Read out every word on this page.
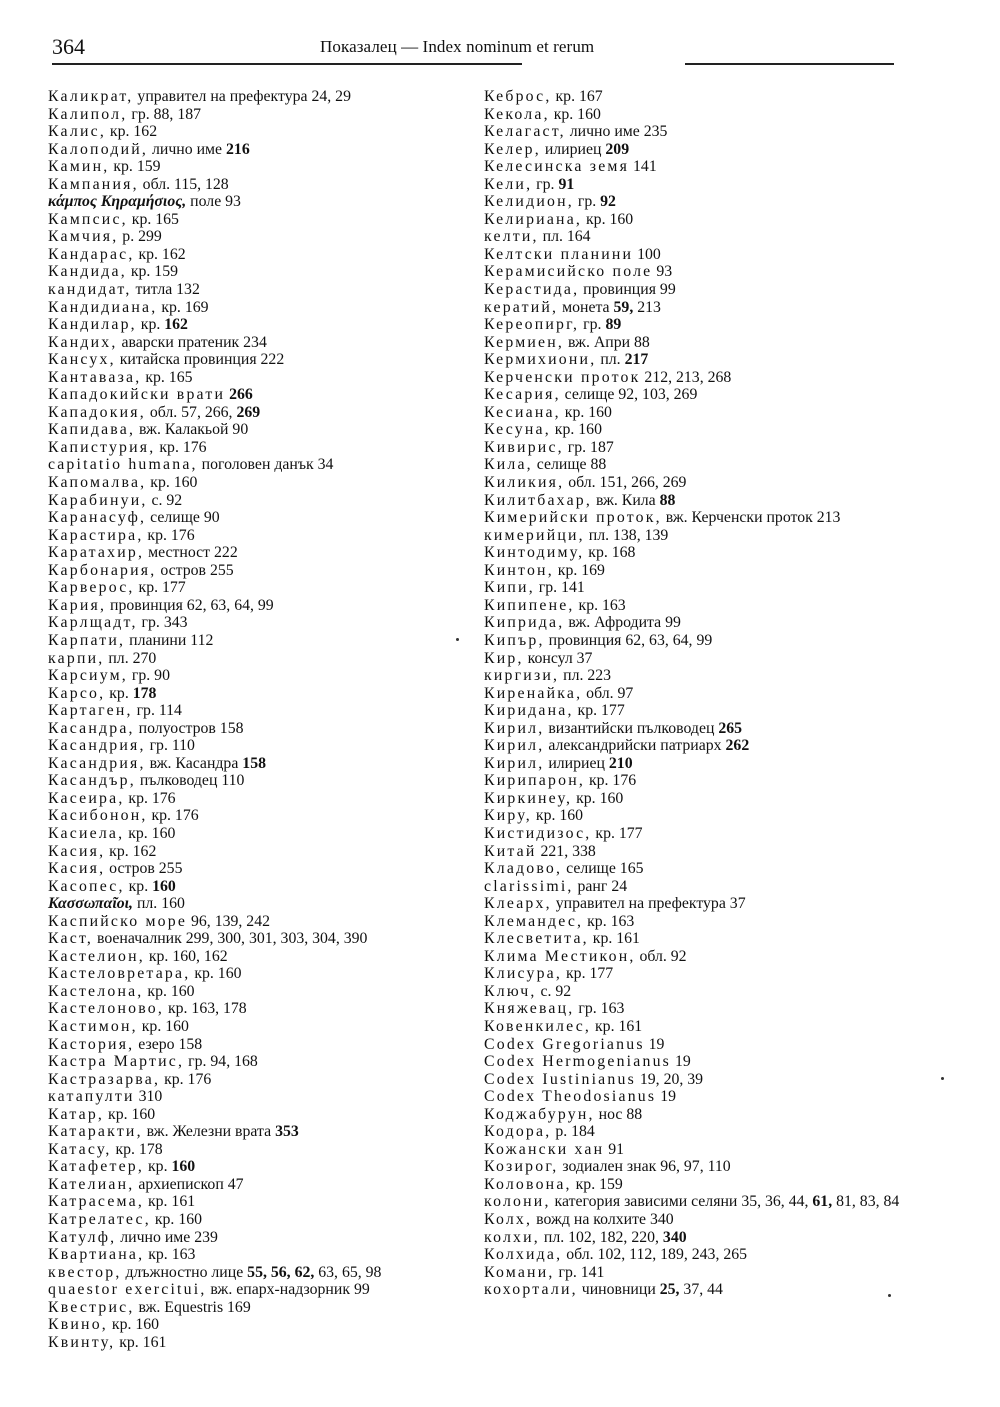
364	Показалец — Index nominum et rerum
Каликрат, управител на префектура 24, 29
Калипол, гр. 88, 187
Калис, кр. 162
Калоподий, лично име 216
Камин, кр. 159
Кампания, обл. 115, 128
κάμπος Κηραμήσιος, поле 93
Кампсис, кр. 165
Камчия, р. 299
Кандарас, кр. 162
Кандида, кр. 159
кандидат, титла 132
Кандидиана, кр. 169
Кандилар, кр. 162
Кандих, аварски пратеник 234
Кансух, китайска провинция 222
Кантаваза, кр. 165
Кападокийски врати 266
Кападокия, обл. 57, 266, 269
Капидава, вж. Калакьой 90
Капистурия, кр. 176
capitatio humana, поголовен данък 34
Капомалва, кр. 160
Карабинуи, с. 92
Каранасуф, селище 90
Карастира, кр. 176
Каратахир, местност 222
Карбонария, остров 255
Карверос, кр. 177
Кария, провинция 62, 63, 64, 99
Карлщадт, гр. 343
Карпати, планини 112
карпи, пл. 270
Карсиум, гр. 90
Карсо, кр. 178
Картаген, гр. 114
Касандра, полуостров 158
Касандрия, гр. 110
Касандрия, вж. Касандра 158
Касандър, пълководец 110
Касеира, кр. 176
Касибонон, кр. 176
Касиела, кр. 160
Касия, кр. 162
Касия, остров 255
Касопес, кр. 160
Κασσωπαῖοι, пл. 160
Каспийско море 96, 139, 242
Каст, военачалник 299, 300, 301, 303, 304, 390
Кастелион, кр. 160, 162
Кастеловретара, кр. 160
Кастелона, кр. 160
Кастелоново, кр. 163, 178
Кастимон, кр. 160
Кастория, езеро 158
Кастра Мартис, гр. 94, 168
Кастразарва, кр. 176
катапулти 310
Катар, кр. 160
Катаракти, вж. Железни врата 353
Катасу, кр. 178
Катафетер, кр. 160
Кателиан, архиепископ 47
Катрасема, кр. 161
Катрелатес, кр. 160
Катулф, лично име 239
Квартиана, кр. 163
квестор, длъжностно лице 55, 56, 62, 63, 65, 98
quaestor exercitui, вж. епарх-надзорник 99
Квестрис, вж. Equestris 169
Квино, кр. 160
Квинту, кр. 161
Кеброс, кр. 167
Кекола, кр. 160
Келагаст, лично име 235
Келер, илириец 209
Келесинска земя 141
Кели, гр. 91
Келидион, гр. 92
Келириана, кр. 160
келти, пл. 164
Келтски планини 100
Керамисийско поле 93
Керастида, провинция 99
кератий, монета 59, 213
Кереопирг, гр. 89
Кермиен, вж. Апри 88
Кермихиони, пл. 217
Керченски проток 212, 213, 268
Кесария, селище 92, 103, 269
Кесиана, кр. 160
Кесуна, кр. 160
Кивирис, гр. 187
Кила, селище 88
Киликия, обл. 151, 266, 269
Килитбахар, вж. Кила 88
Кимерийски проток, вж. Керченски проток 213
кимерийци, пл. 138, 139
Кинтодиму, кр. 168
Кинтон, кр. 169
Кипи, гр. 141
Кипипене, кр. 163
Киприда, вж. Афродита 99
Кипър, провинция 62, 63, 64, 99
Кир, консул 37
киргизи, пл. 223
Киренайка, обл. 97
Киридана, кр. 177
Кирил, византийски пълководец 265
Кирил, александрийски патриарх 262
Кирил, илириец 210
Кирипарон, кр. 176
Киркинеу, кр. 160
Киру, кр. 160
Кистидизос, кр. 177
Китай 221, 338
Кладово, селище 165
clarissimi, ранг 24
Клеарх, управител на префектура 37
Клемандес, кр. 163
Клесветита, кр. 161
Клима Местикон, обл. 92
Клисура, кр. 177
Ключ, с. 92
Княжевац, гр. 163
Ковенкилес, кр. 161
Codex Gregorianus 19
Codex Hermogenianus 19
Codex Iustinianus 19, 20, 39
Codex Theodosianus 19
Коджабурун, нос 88
Кодора, р. 184
Кожански хан 91
Козирог, зодиален знак 96, 97, 110
Коловона, кр. 159
колони, категория зависими селяни 35, 36, 44, 61, 81, 83, 84
Колх, вожд на колхите 340
колхи, пл. 102, 182, 220, 340
Колхида, обл. 102, 112, 189, 243, 265
Комани, гр. 141
кохортали, чиновници 25, 37, 44
